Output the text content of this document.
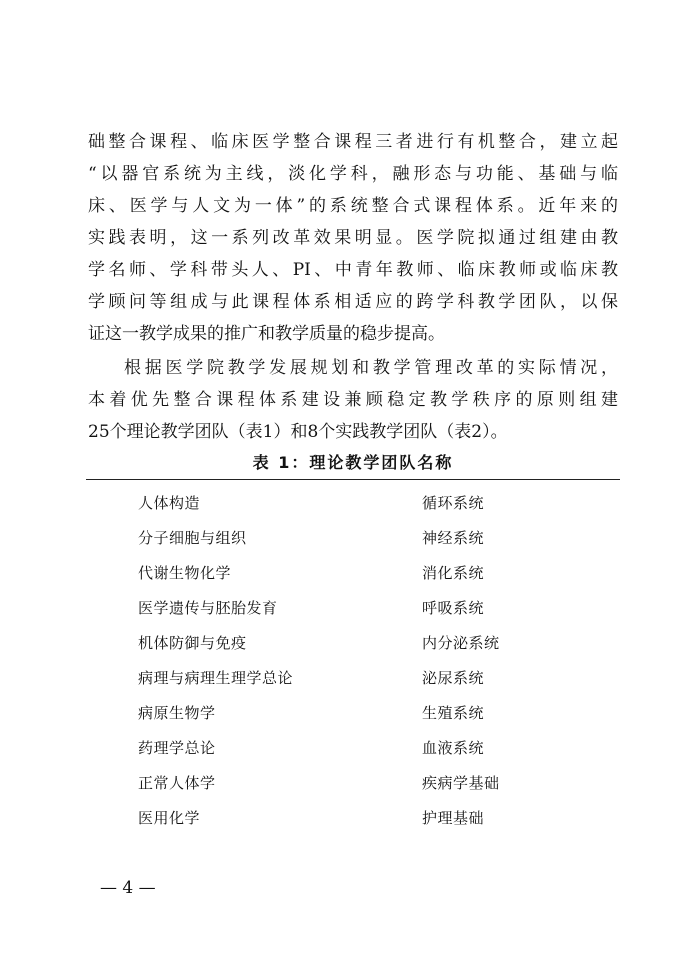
础整合课程、临床医学整合课程三者进行有机整合，建立起
“以器官系统为主线，淡化学科，融形态与功能、基础与临
床、医学与人文为一体”的系统整合式课程体系。近年来的
实践表明，这一系列改革效果明显。医学院拟通过组建由教
学名师、学科带头人、PI、中青年教师、临床教师或临床教
学顾问等组成与此课程体系相适应的跨学科教学团队，以保
证这一教学成果的推广和教学质量的稳步提高。
根据医学院教学发展规划和教学管理改革的实际情况，
本着优先整合课程体系建设兼顾稳定教学秩序的原则组建
25个理论教学团队（表1）和8个实践教学团队（表2）。
表 1：理论教学团队名称
人体构造	循环系统
分子细胞与组织	神经系统
代谢生物化学	消化系统
医学遗传与胚胎发育	呼吸系统
机体防御与免疫	内分泌系统
病理与病理生理学总论	泌尿系统
病原生物学	生殖系统
药理学总论	血液系统
正常人体学	疾病学基础
医用化学	护理基础
— 4 —
